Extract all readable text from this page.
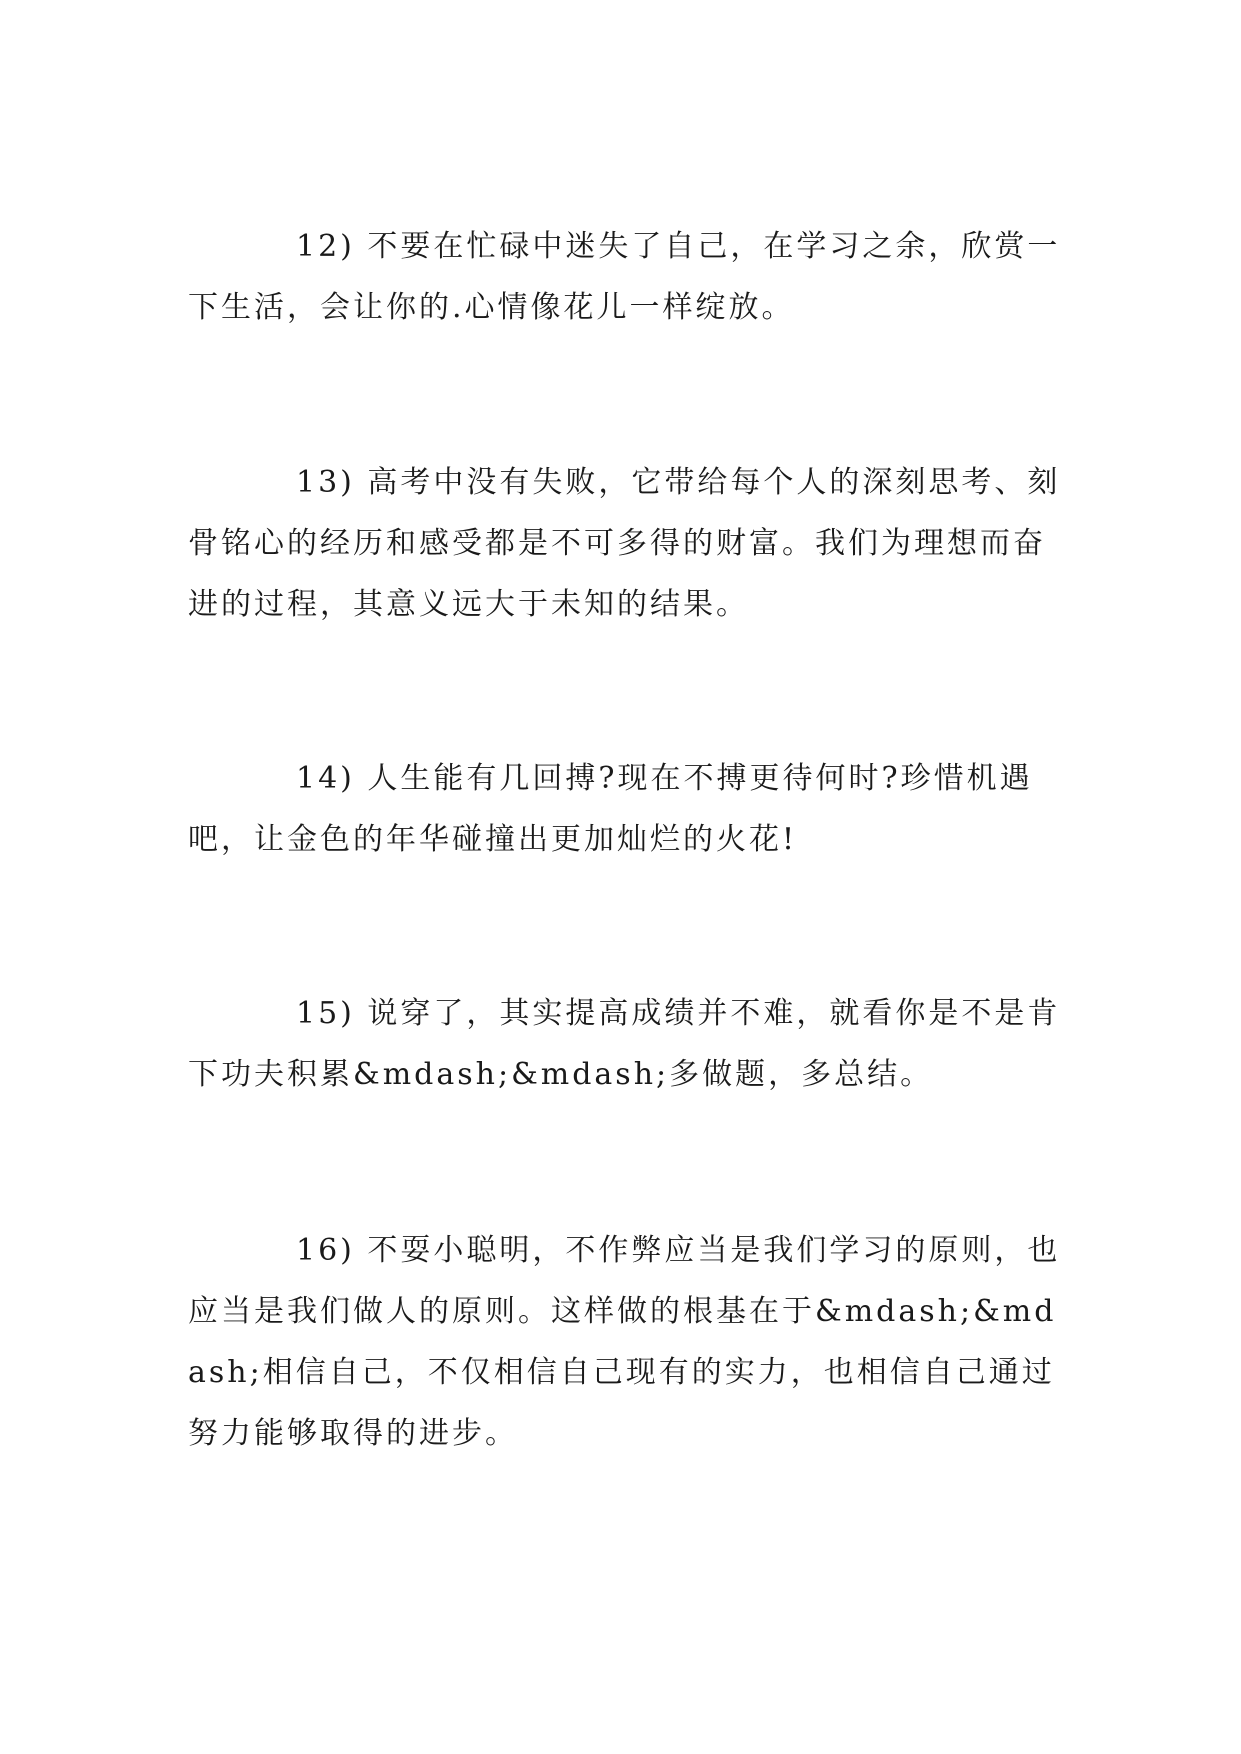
12) 不要在忙碌中迷失了自己，在学习之余，欣赏一下生活，会让你的.心情像花儿一样绽放。

13) 高考中没有失败，它带给每个人的深刻思考、刻骨铭心的经历和感受都是不可多得的财富。我们为理想而奋进的过程，其意义远大于未知的结果。

14) 人生能有几回搏?现在不搏更待何时?珍惜机遇吧，让金色的年华碰撞出更加灿烂的火花!

15) 说穿了，其实提高成绩并不难，就看你是不是肯下功夫积累&mdash;&mdash;多做题，多总结。

16) 不耍小聪明，不作弊应当是我们学习的原则，也应当是我们做人的原则。这样做的根基在于&mdash;&mdash;相信自己，不仅相信自己现有的实力，也相信自己通过努力能够取得的进步。
